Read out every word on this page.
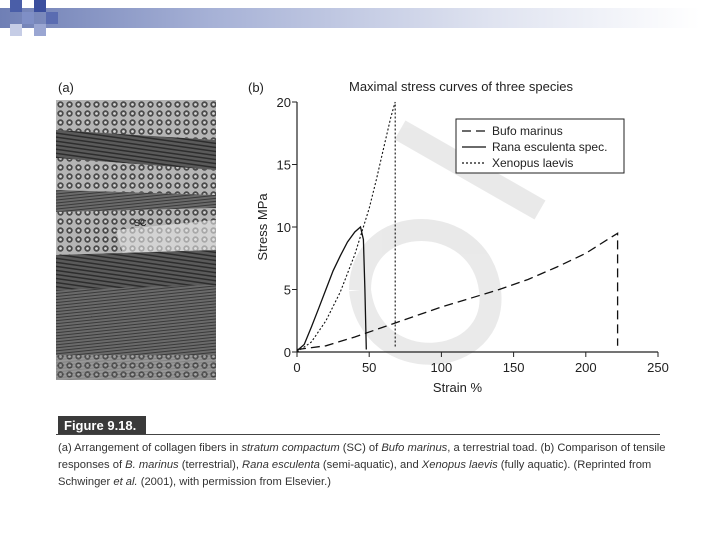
(a)
SC
(b)	Maximal stress curves of three species
0	50	100	150	200	250
0
5
10
15
20
Strain %
Stress MPa
Bufo marinus
Rana esculenta spec.
Xenopus laevis
Figure 9.18.
(a) Arrangement of collagen fibers in stratum compactum (SC) of Bufo marinus, a terrestrial toad. (b) Comparison of tensile responses of B. marinus (terrestrial), Rana esculenta (semi-aquatic), and Xenopus laevis (fully aquatic). (Reprinted from Schwinger et al. (2001), with permission from Elsevier.)
